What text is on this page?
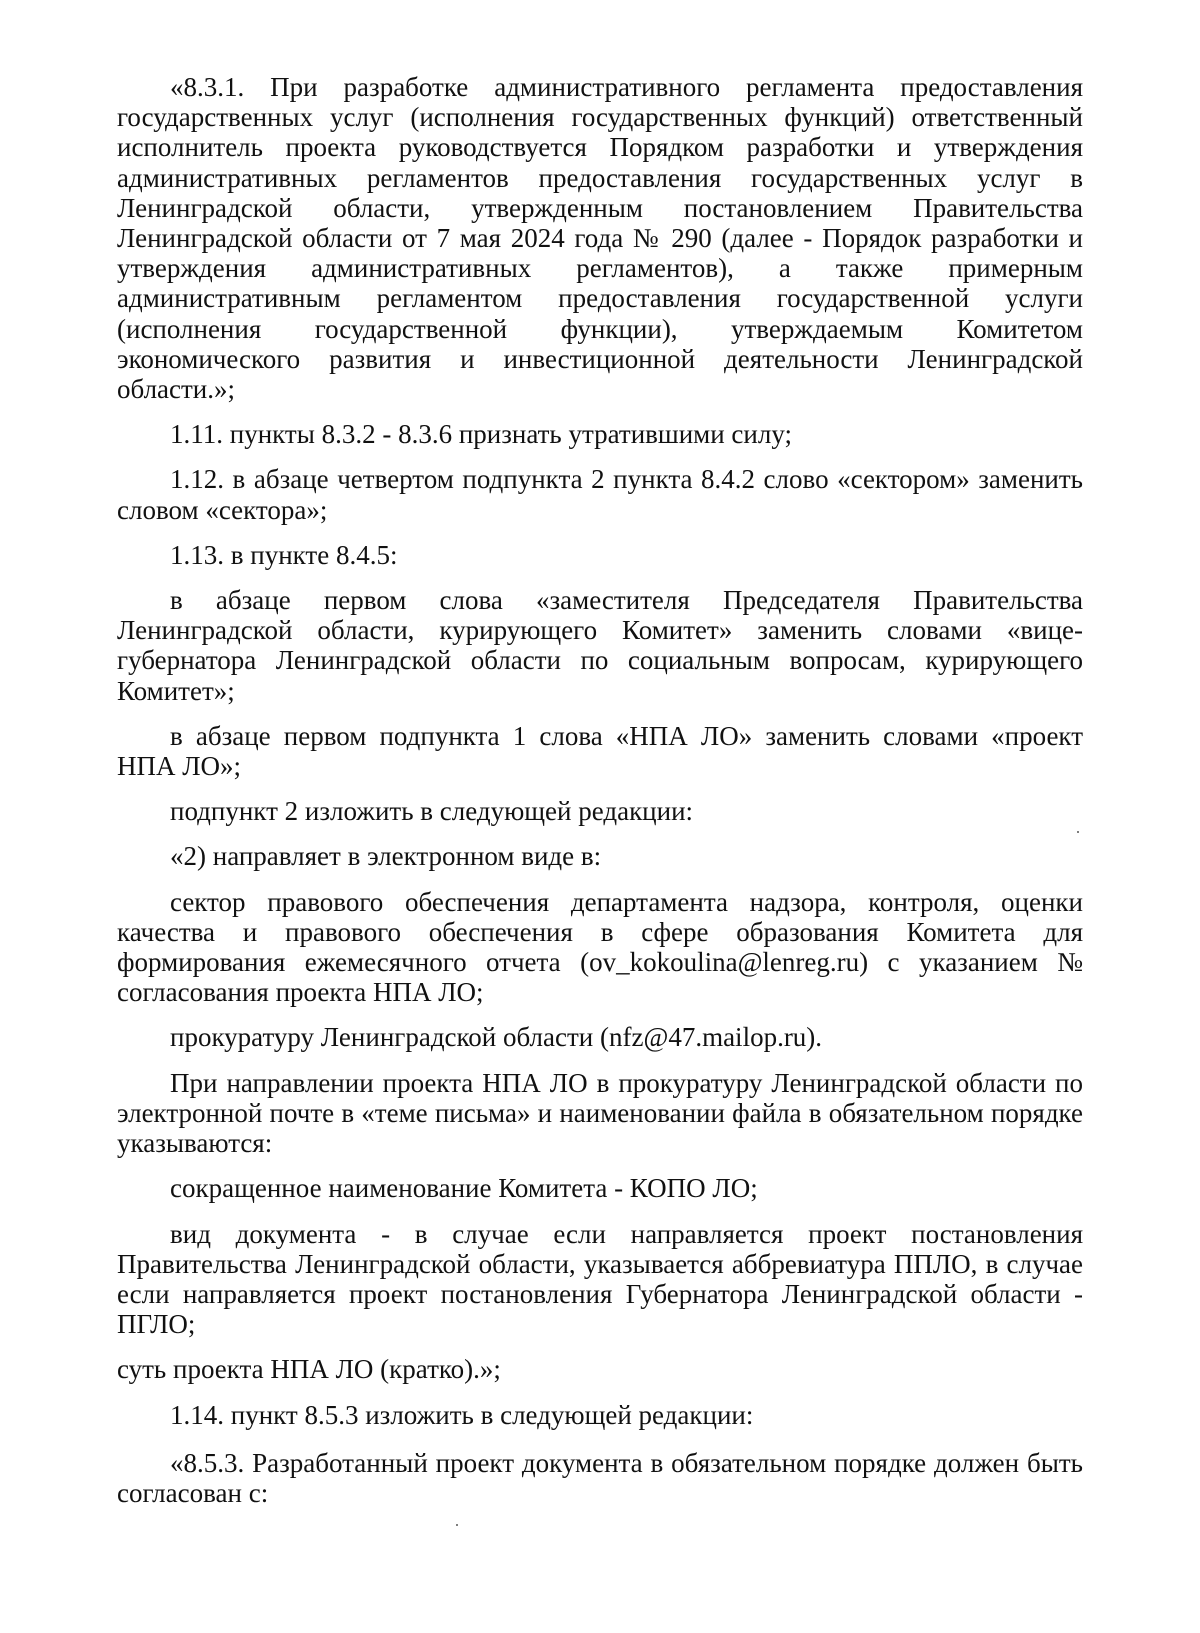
«8.3.1. При разработке административного регламента предоставления государственных услуг (исполнения государственных функций) ответственный исполнитель проекта руководствуется Порядком разработки и утверждения административных регламентов предоставления государственных услуг в Ленинградской области, утвержденным постановлением Правительства Ленинградской области от 7 мая 2024 года № 290 (далее - Порядок разработки и утверждения административных регламентов), а также примерным административным регламентом предоставления государственной услуги (исполнения государственной функции), утверждаемым Комитетом экономического развития и инвестиционной деятельности Ленинградской области.»;

1.11. пункты 8.3.2 - 8.3.6 признать утратившими силу;

1.12. в абзаце четвертом подпункта 2 пункта 8.4.2 слово «сектором» заменить словом «сектора»;

1.13. в пункте 8.4.5:

в абзаце первом слова «заместителя Председателя Правительства Ленинградской области, курирующего Комитет» заменить словами «вице-губернатора Ленинградской области по социальным вопросам, курирующего Комитет»;

в абзаце первом подпункта 1 слова «НПА ЛО» заменить словами «проект НПА ЛО»;

подпункт 2 изложить в следующей редакции:

«2) направляет в электронном виде в:

сектор правового обеспечения департамента надзора, контроля, оценки качества и правового обеспечения в сфере образования Комитета для формирования ежемесячного отчета (ov_kokoulina@lenreg.ru) с указанием № согласования проекта НПА ЛО;

прокуратуру Ленинградской области (nfz@47.mailop.ru).

При направлении проекта НПА ЛО в прокуратуру Ленинградской области по электронной почте в «теме письма» и наименовании файла в обязательном порядке указываются:

сокращенное наименование Комитета - КОПО ЛО;

вид документа - в случае если направляется проект постановления Правительства Ленинградской области, указывается аббревиатура ППЛО, в случае если направляется проект постановления Губернатора Ленинградской области - ПГЛО;

суть проекта НПА ЛО (кратко).»;

1.14. пункт 8.5.3 изложить в следующей редакции:

«8.5.3. Разработанный проект документа в обязательном порядке должен быть согласован с:
